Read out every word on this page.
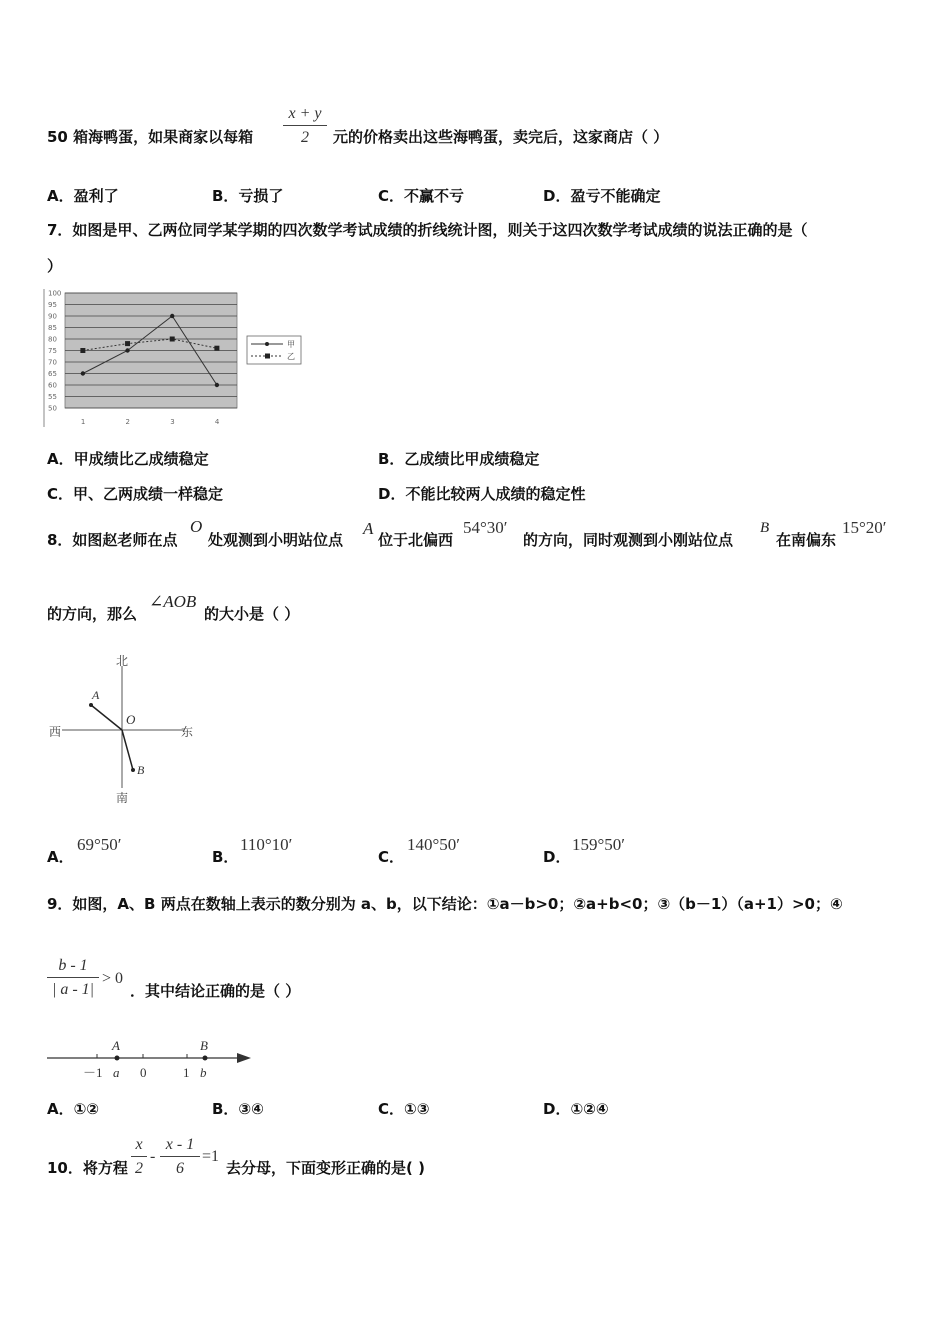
x + y
2
50 箱海鸭蛋，如果商家以每箱	元的价格卖出这些海鸭蛋，卖完后，这家商店（ ）
A．盈利了	B．亏损了	C．不赢不亏	D．盈亏不能确定
7．如图是甲、乙两位同学某学期的四次数学考试成绩的折线统计图，则关于这四次数学考试成绩的说法正确的是（
）
100
95
90
85
80
75
70
65
60
55
50
1	2	3	4
甲
乙
A．甲成绩比乙成绩稳定	B．乙成绩比甲成绩稳定
C．甲、乙两成绩一样稳定	D．不能比较两人成绩的稳定性
8．如图赵老师在点
O
处观测到小明站位点
A
位于北偏西
54°30′
的方向，同时观测到小刚站位点
B
在南偏东
15°20′
的方向，那么
∠AOB
的大小是（ ）
北
南
西	东
A
O
B
A．
69°50′
B．
110°10′
C．
140°50′
D．
159°50′
9．如图，A、B 两点在数轴上表示的数分别为 a、b，以下结论：①a－b>0；②a+b<0；③（b－1）（a+1）>0；④
b - 1
| a - 1|
> 0
．其中结论正确的是（ ）
A	B
－1 a 0	1 b
A．①②	B．③④	C．①③	D．①②④
10．将方程
x
2
-
x - 1
6
=1
去分母，下面变形正确的是( )
